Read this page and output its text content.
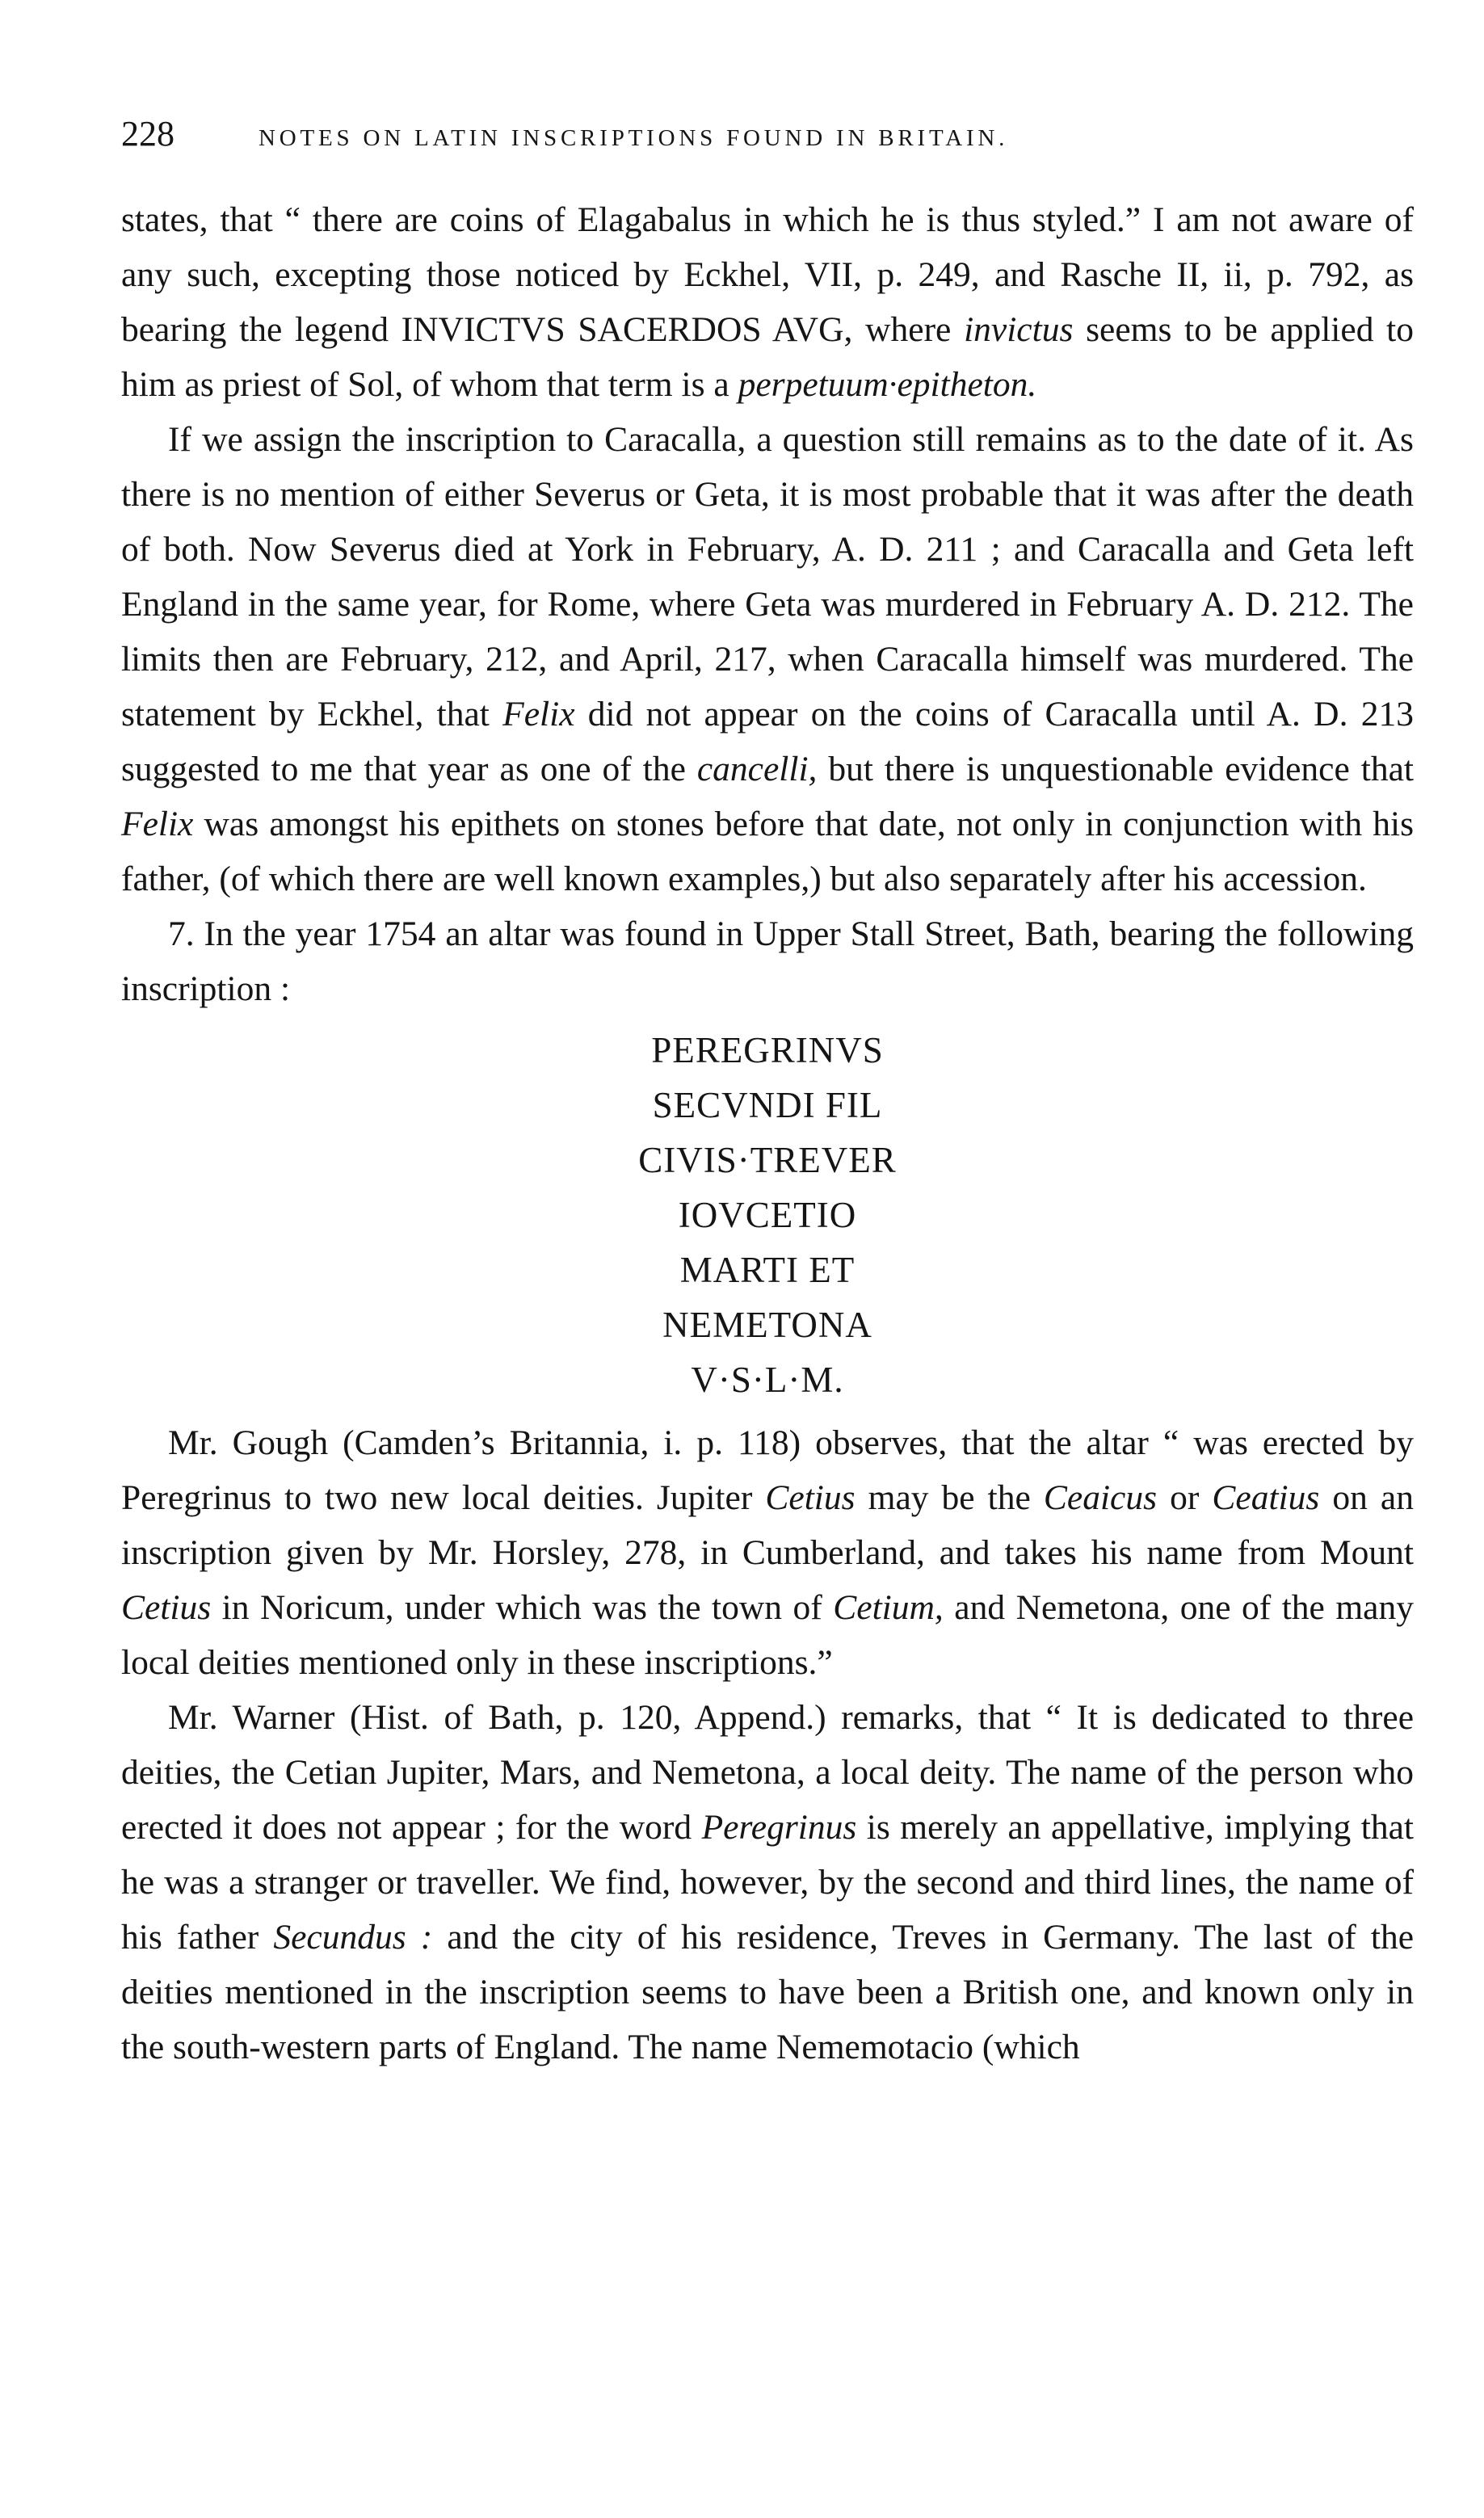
228	NOTES ON LATIN INSCRIPTIONS FOUND IN BRITAIN.

states, that “ there are coins of Elagabalus in which he is thus styled.” I am not aware of any such, excepting those noticed by Eckhel, VII, p. 249, and Rasche II, ii, p. 792, as bearing the legend INVICTVS SACERDOS AVG, where invictus seems to be applied to him as priest of Sol, of whom that term is a perpetuum·epitheton.

If we assign the inscription to Caracalla, a question still remains as to the date of it. As there is no mention of either Severus or Geta, it is most probable that it was after the death of both. Now Severus died at York in February, A. D. 211 ; and Caracalla and Geta left England in the same year, for Rome, where Geta was murdered in February A. D. 212. The limits then are February, 212, and April, 217, when Caracalla himself was murdered. The statement by Eckhel, that Felix did not appear on the coins of Caracalla until A. D. 213 suggested to me that year as one of the cancelli, but there is unquestionable evidence that Felix was amongst his epithets on stones before that date, not only in conjunction with his father, (of which there are well known examples,) but also separately after his accession.

7. In the year 1754 an altar was found in Upper Stall Street, Bath, bearing the following inscription :

PEREGRINVS
SECVNDI FIL
CIVIS·TREVER
IOVCETIO
MARTI ET
NEMETONA
V·S·L·M.

Mr. Gough (Camden’s Britannia, i. p. 118) observes, that the altar “ was erected by Peregrinus to two new local deities. Jupiter Cetius may be the Ceaicus or Ceatius on an inscription given by Mr. Horsley, 278, in Cumberland, and takes his name from Mount Cetius in Noricum, under which was the town of Cetium, and Nemetona, one of the many local deities mentioned only in these inscriptions.”

Mr. Warner (Hist. of Bath, p. 120, Append.) remarks, that “ It is dedicated to three deities, the Cetian Jupiter, Mars, and Nemetona, a local deity. The name of the person who erected it does not appear ; for the word Peregrinus is merely an appellative, implying that he was a stranger or traveller. We find, however, by the second and third lines, the name of his father Secundus : and the city of his residence, Treves in Germany. The last of the deities mentioned in the inscription seems to have been a British one, and known only in the south-western parts of England. The name Nememotacio (which
